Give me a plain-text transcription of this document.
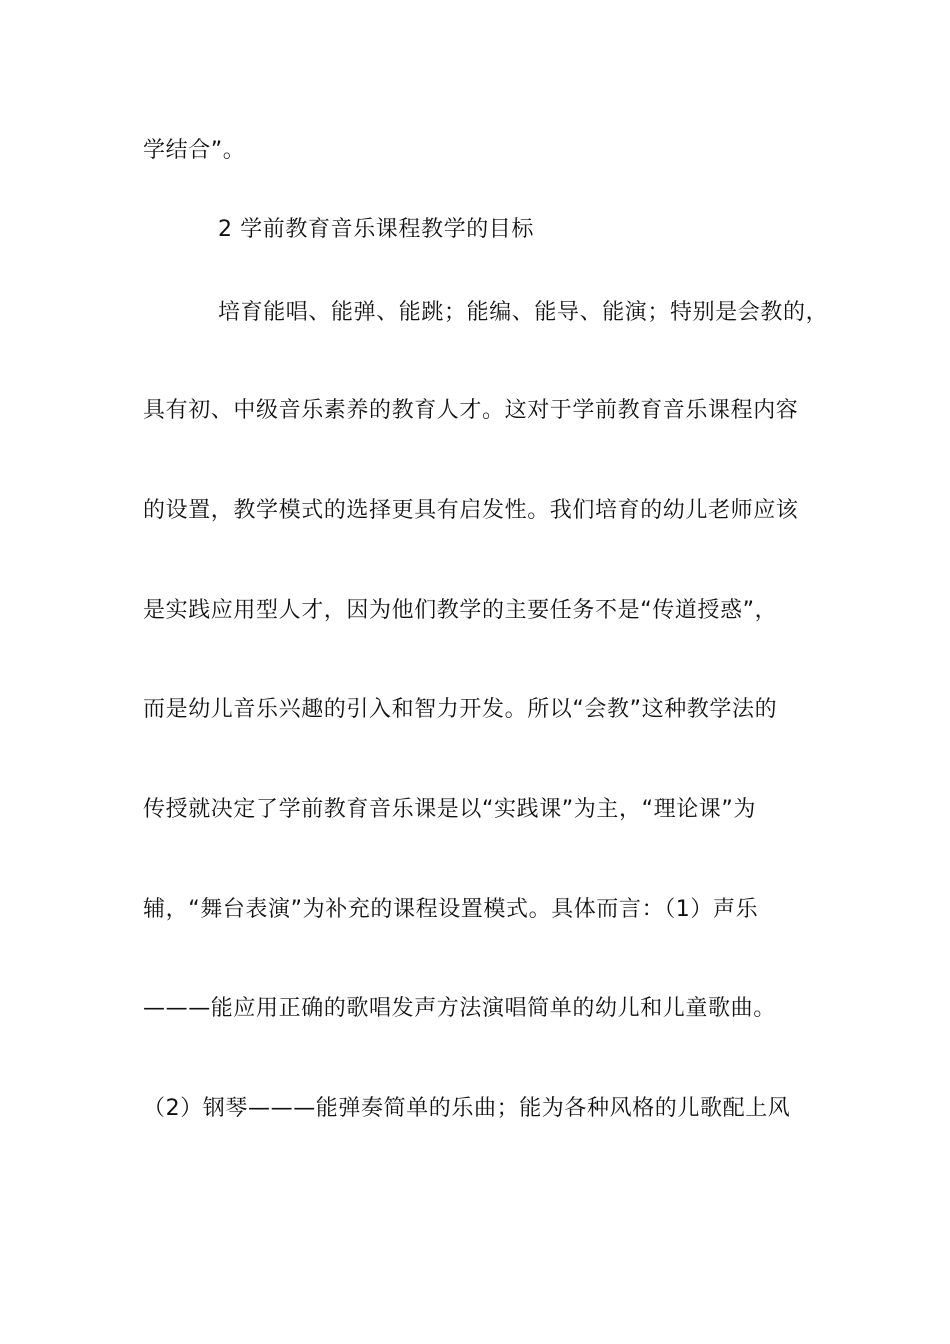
学结合”。
2 学前教育音乐课程教学的目标
培育能唱、能弹、能跳；能编、能导、能演；特别是会教的，
具有初、中级音乐素养的教育人才。这对于学前教育音乐课程内容
的设置，教学模式的选择更具有启发性。我们培育的幼儿老师应该
是实践应用型人才，因为他们教学的主要任务不是“传道授惑”，
而是幼儿音乐兴趣的引入和智力开发。所以“会教”这种教学法的
传授就决定了学前教育音乐课是以“实践课”为主，“理论课”为
辅，“舞台表演”为补充的课程设置模式。具体而言：（1）声乐
———能应用正确的歌唱发声方法演唱简单的幼儿和儿童歌曲。
（2）钢琴———能弹奏简单的乐曲；能为各种风格的儿歌配上风
